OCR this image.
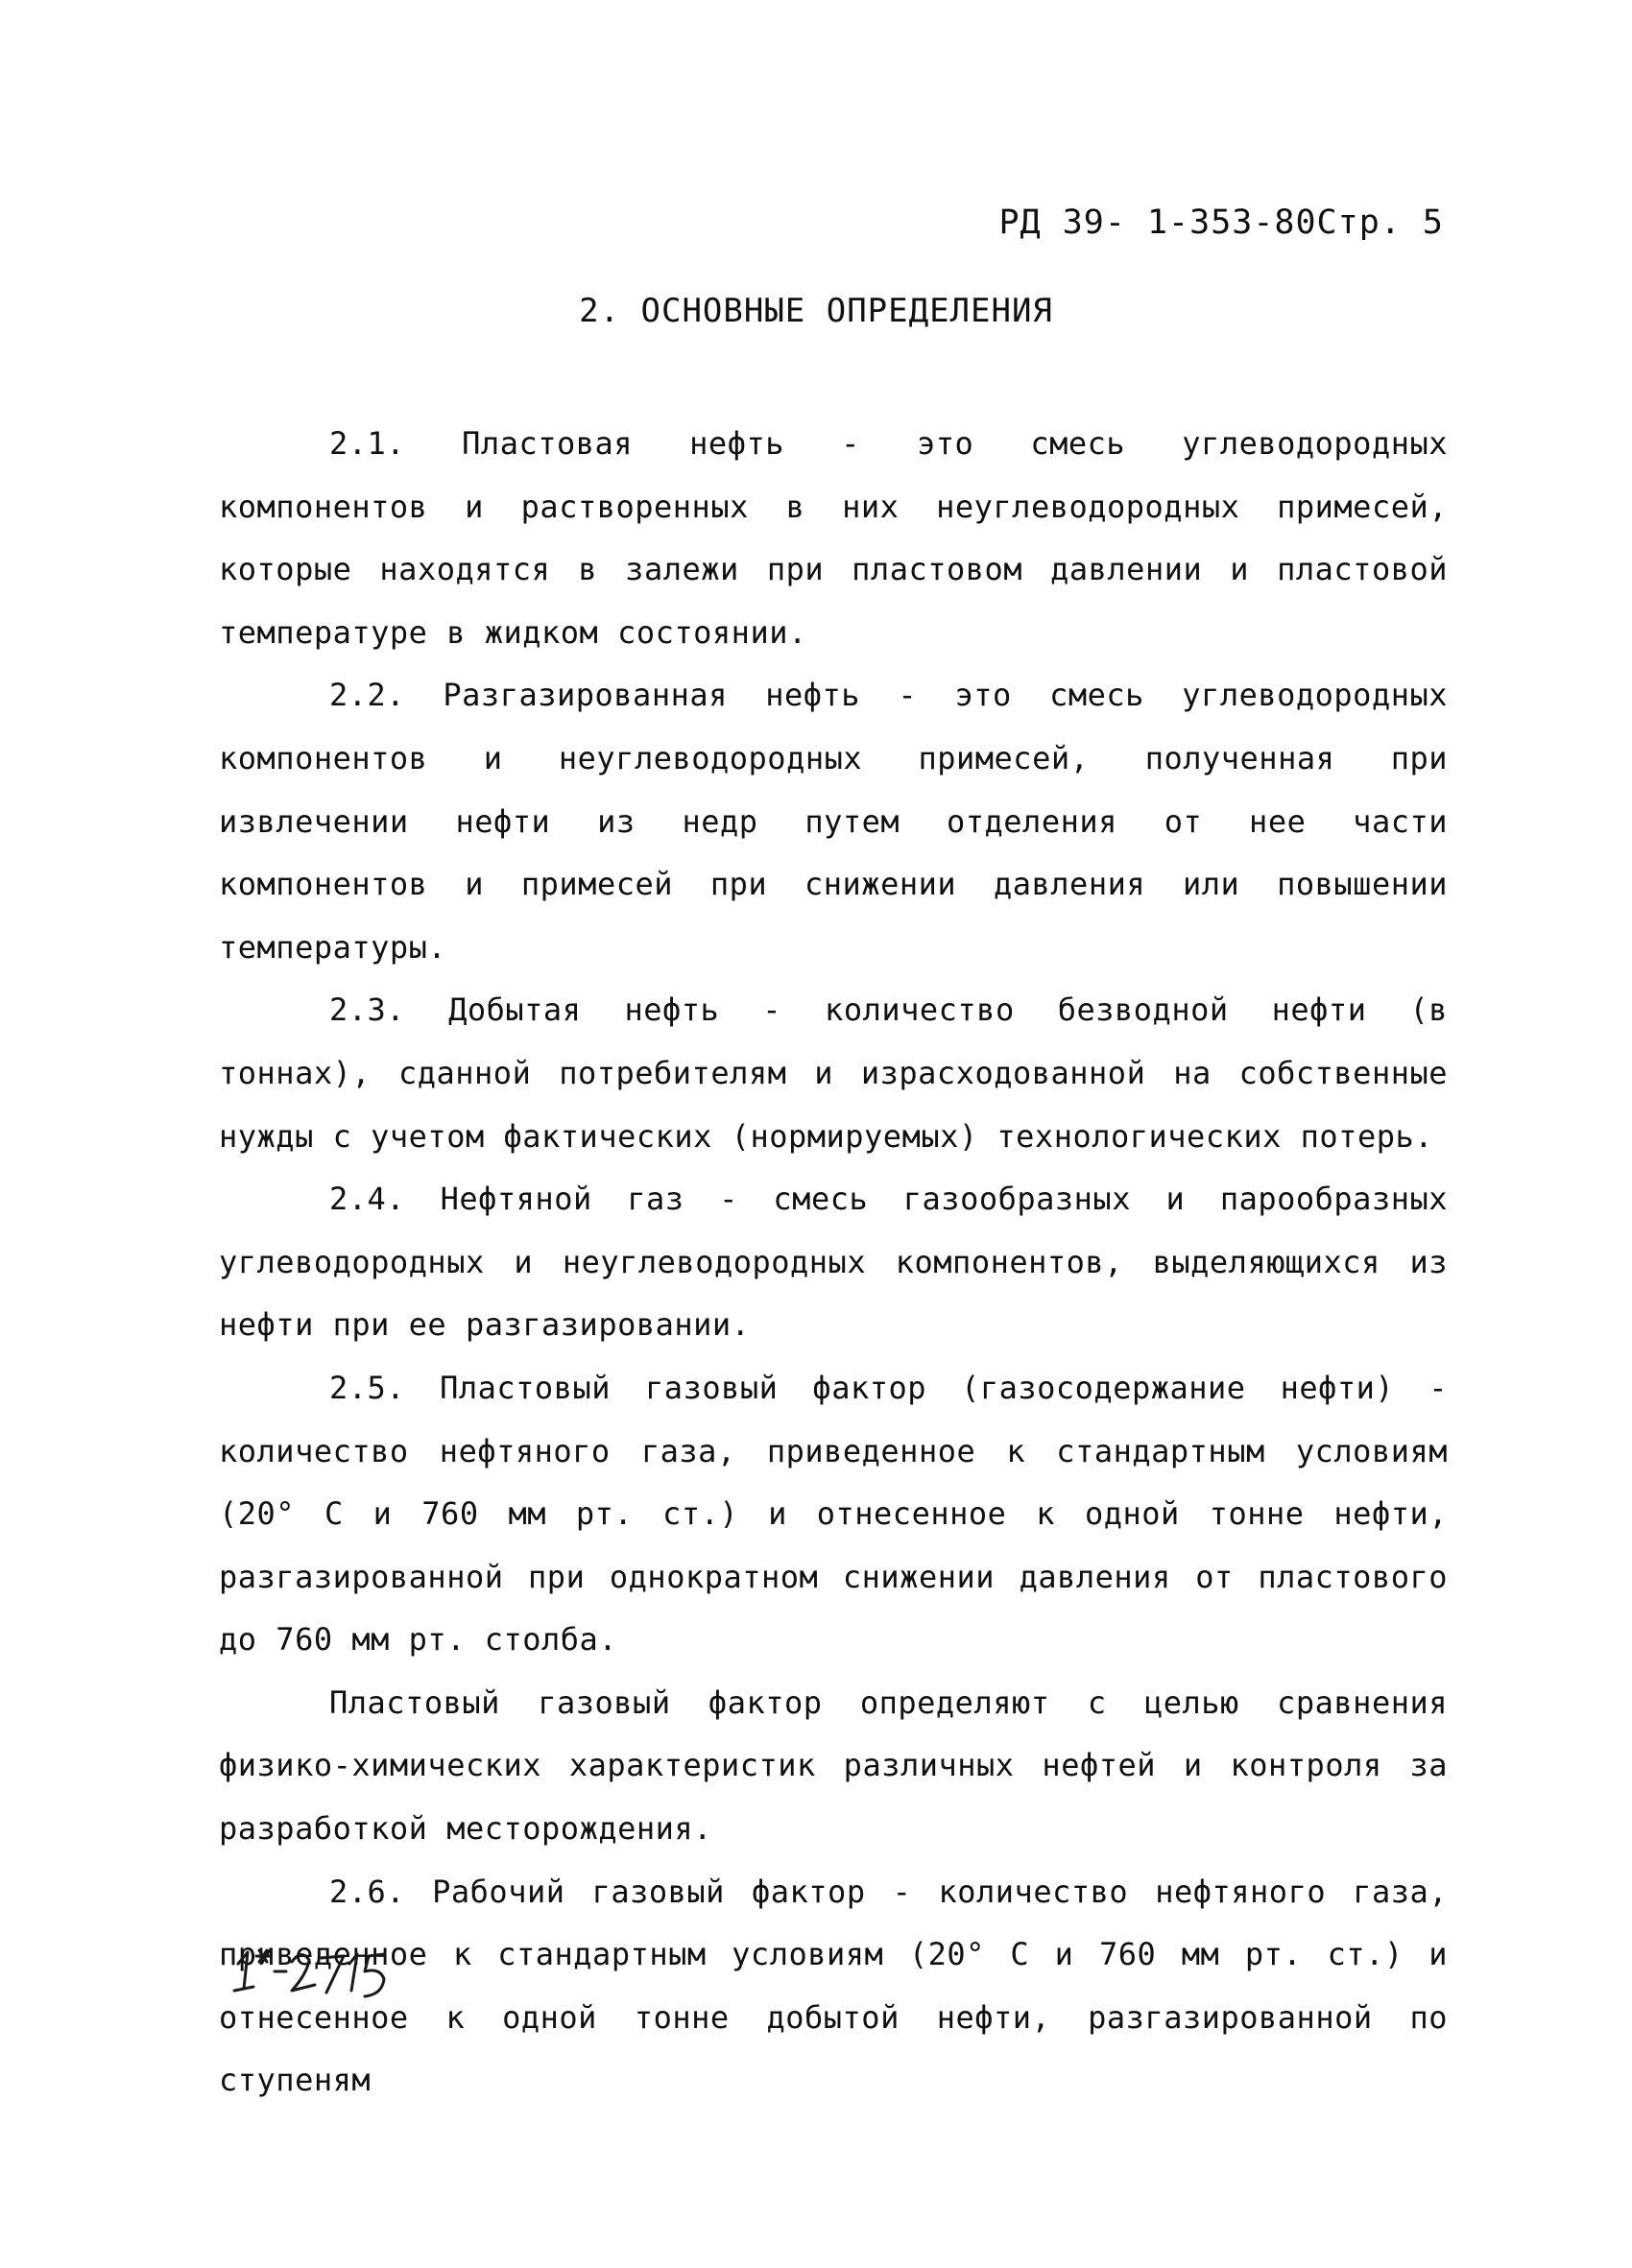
РД 39- 1-353-80Стр. 5
2. ОСНОВНЫЕ ОПРЕДЕЛЕНИЯ

2.1. Пластовая нефть - это смесь углеводородных компонентов и растворенных в них неуглеводородных примесей, которые находятся в залежи при пластовом давлении и пластовой температуре в жидком состоянии.

2.2. Разгазированная нефть - это смесь углеводородных компонентов и неуглеводородных примесей, полученная при извлечении нефти из недр путем отделения от нее части компонентов и примесей при снижении давления или повышении температуры.

2.3. Добытая нефть - количество безводной нефти (в тоннах), сданной потребителям и израсходованной на собственные нужды с учетом фактических (нормируемых) технологических потерь.

2.4. Нефтяной газ - смесь газообразных и парообразных углеводородных и неуглеводородных компонентов, выделяющихся из нефти при ее разгазировании.

2.5. Пластовый газовый фактор (газосодержание нефти) - количество нефтяного газа, приведенное к стандартным условиям (20° С и 760 мм рт. ст.) и отнесенное к одной тонне нефти, разгазированной при однократном снижении давления от пластового до 760 мм рт. столба.

Пластовый газовый фактор определяют с целью сравнения физико-химических характеристик различных нефтей и контроля за разработкой месторождения.

2.6. Рабочий газовый фактор - количество нефтяного газа, приведенное к стандартным условиям (20° С и 760 мм рт. ст.) и отнесенное к одной тонне добытой нефти, разгазированной по ступеням
